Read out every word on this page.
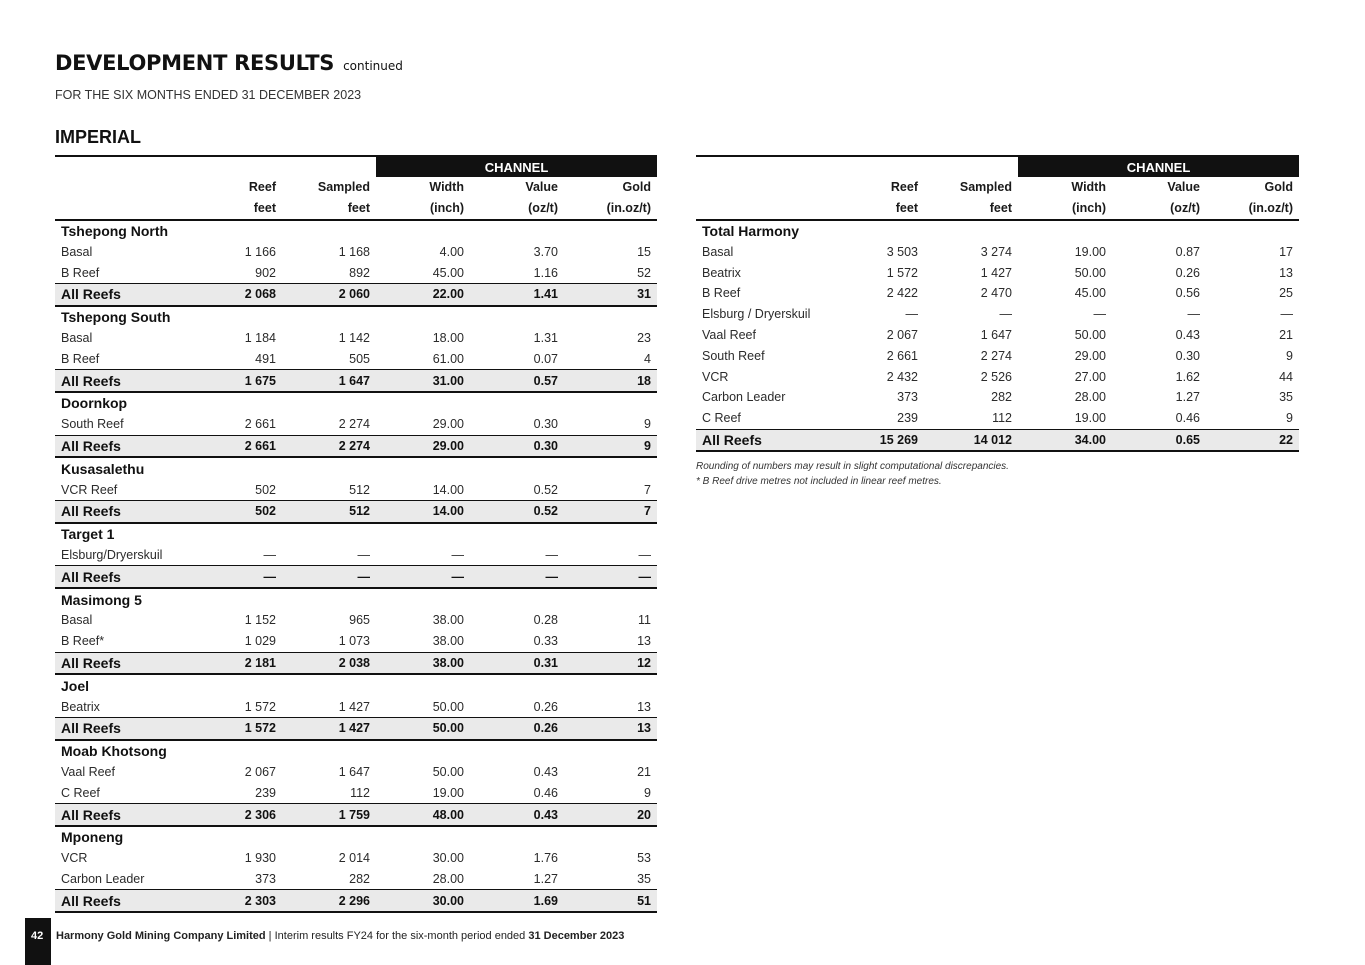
DEVELOPMENT RESULTS continued
FOR THE SIX MONTHS ENDED 31 DECEMBER 2023
IMPERIAL
			CHANNEL		
	Reef	Sampled	Width	Value	Gold
	feet	feet	(inch)	(oz/t)	(in.oz/t)
Tshepong North					
Basal	1 166	1 168	4.00	3.70	15
B Reef	902	892	45.00	1.16	52
All Reefs	2 068	2 060	22.00	1.41	31
Tshepong South					
Basal	1 184	1 142	18.00	1.31	23
B Reef	491	505	61.00	0.07	4
All Reefs	1 675	1 647	31.00	0.57	18
Doornkop					
South Reef	2 661	2 274	29.00	0.30	9
All Reefs	2 661	2 274	29.00	0.30	9
Kusasalethu					
VCR Reef	502	512	14.00	0.52	7
All Reefs	502	512	14.00	0.52	7
Target 1					
Elsburg/Dryerskuil	—	—	—	—	—
All Reefs	—	—	—	—	—
Masimong 5					
Basal	1 152	965	38.00	0.28	11
B Reef*	1 029	1 073	38.00	0.33	13
All Reefs	2 181	2 038	38.00	0.31	12
Joel					
Beatrix	1 572	1 427	50.00	0.26	13
All Reefs	1 572	1 427	50.00	0.26	13
Moab Khotsong					
Vaal Reef	2 067	1 647	50.00	0.43	21
C Reef	239	112	19.00	0.46	9
All Reefs	2 306	1 759	48.00	0.43	20
Mponeng					
VCR	1 930	2 014	30.00	1.76	53
Carbon Leader	373	282	28.00	1.27	35
All Reefs	2 303	2 296	30.00	1.69	51
			CHANNEL		
	Reef	Sampled	Width	Value	Gold
	feet	feet	(inch)	(oz/t)	(in.oz/t)
Total Harmony					
Basal	3 503	3 274	19.00	0.87	17
Beatrix	1 572	1 427	50.00	0.26	13
B Reef	2 422	2 470	45.00	0.56	25
Elsburg / Dryerskuil	—	—	—	—	—
Vaal Reef	2 067	1 647	50.00	0.43	21
South Reef	2 661	2 274	29.00	0.30	9
VCR	2 432	2 526	27.00	1.62	44
Carbon Leader	373	282	28.00	1.27	35
C Reef	239	112	19.00	0.46	9
All Reefs	15 269	14 012	34.00	0.65	22
Rounding of numbers may result in slight computational discrepancies.
* B Reef drive metres not included in linear reef metres.
42 Harmony Gold Mining Company Limited | Interim results FY24 for the six-month period ended 31 December 2023
